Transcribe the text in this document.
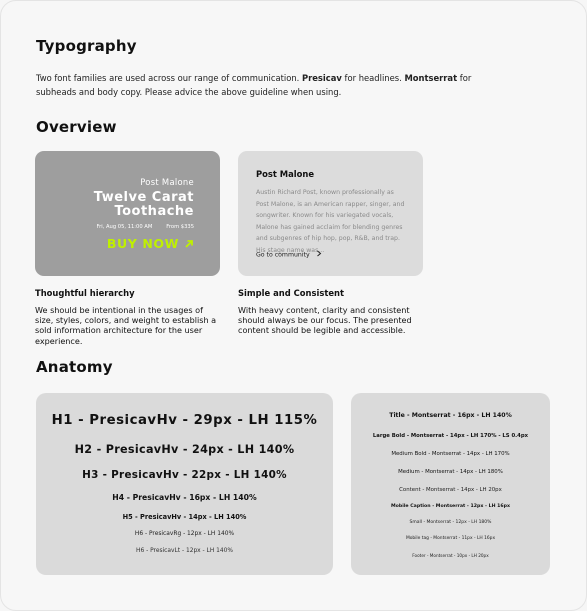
Typography

Two font families are used across our range of communication. Presicav for headlines. Montserrat for subheads and body copy. Please advice the above guideline when using.

Overview
Post Malone
Twelve Carat
Toothache
Fri, Aug 05, 11:00 AM	From $335
BUY NOW
Post Malone

Austin Richard Post, known professionally as Post Malone, is an American rapper, singer, and songwriter. Known for his variegated vocals, Malone has gained acclaim for blending genres and subgenres of hip hop, pop, R&B, and trap. His stage name was...

Go to community
Thoughtful hierarchy

We should be intentional in the usages of size, styles, colors, and weight to establish a sold information architecture for the user experience.

Simple and Consistent

With heavy content, clarity and consistent should always be our focus. The presented content should be legible and accessible.

Anatomy
H1 - PresicavHv - 29px - LH 115%
H2 - PresicavHv - 24px - LH 140%
H3 - PresicavHv - 22px - LH 140%
H4 - PresicavHv - 16px - LH 140%
H5 - PresicavHv - 14px - LH 140%
H6 - PresicavRg - 12px - LH 140%
H6 - PresicavLt - 12px - LH 140%
Title - Montserrat - 16px - LH 140%
Large Bold - Montserrat - 14px - LH 170% - LS 0.4px
Medium Bold - Montserrat - 14px - LH 170%
Medium - Montserrat - 14px - LH 180%
Content - Montserrat - 14px - LH 20px
Mobile Caption - Montserrat - 12px - LH 16px
Small - Montserrat - 12px - LH 180%
Mobile tag - Montserrat - 11px - LH 16px
Footer - Montserrat - 10px - LH 20px
